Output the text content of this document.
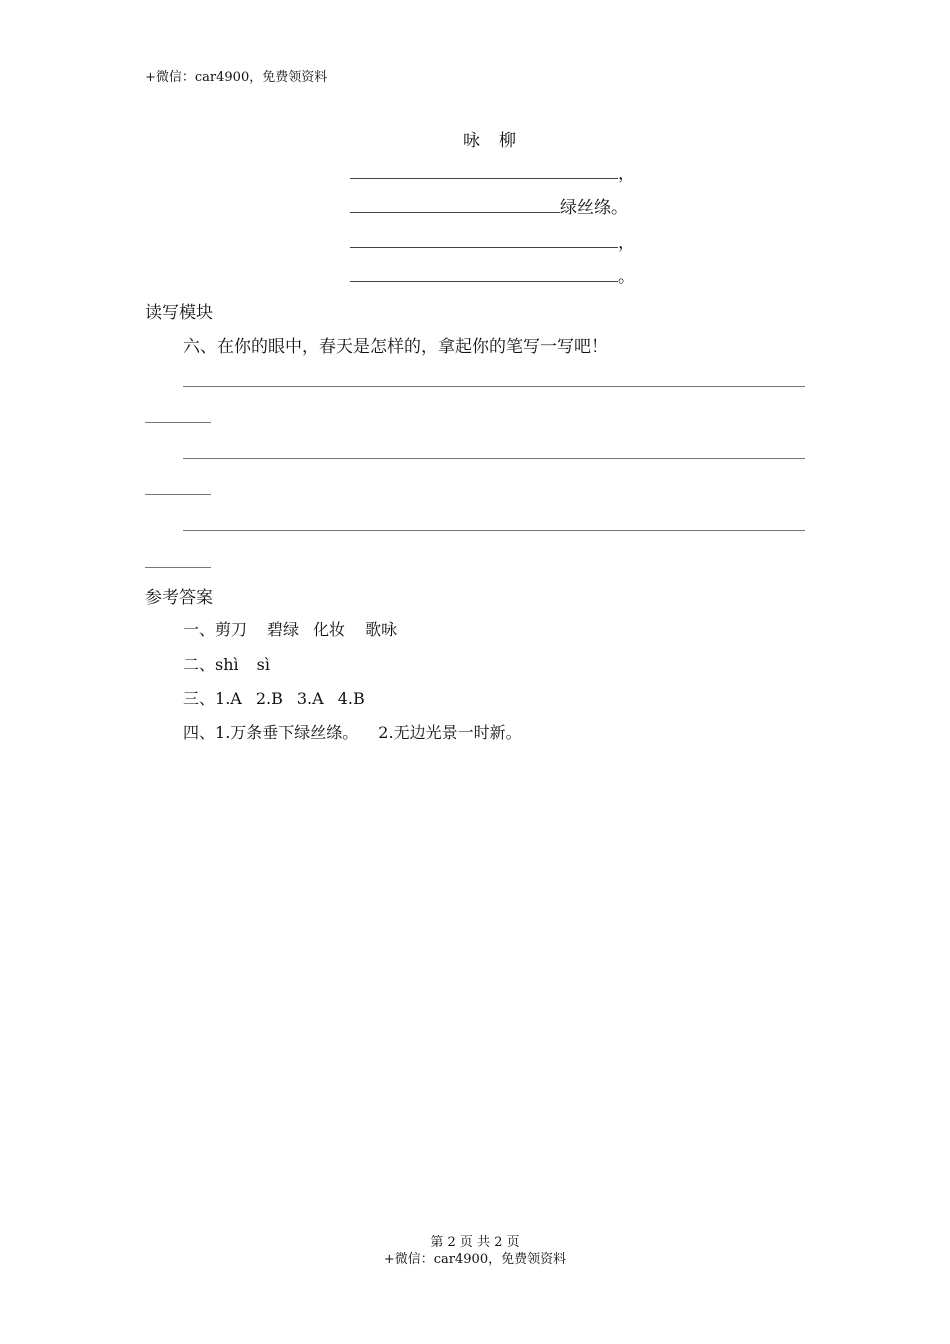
+微信：car4900，免费领资料
咏 柳
，
绿丝绦。
，
。
读写模块
六、在你的眼中，春天是怎样的，拿起你的笔写一写吧！
参考答案
一、剪刀 碧绿 化妆 歌咏
二、shì sì
三、1.A 2.B 3.A 4.B
四、1.万条垂下绿丝绦。 2.无边光景一时新。
第 2 页 共 2 页
+微信：car4900，免费领资料
